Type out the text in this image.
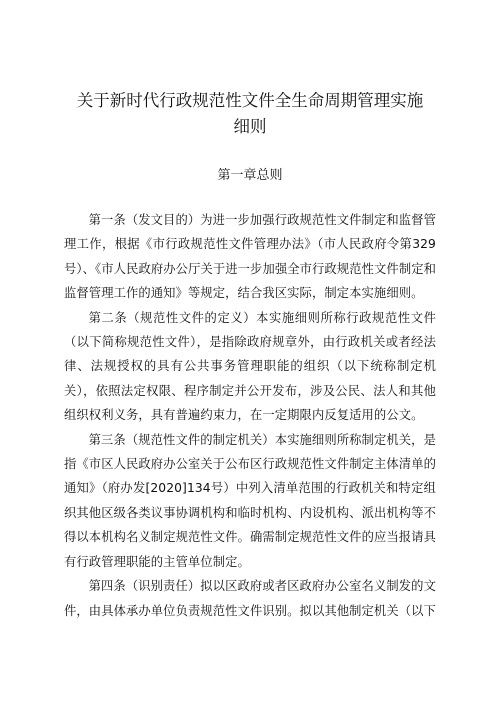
关于新时代行政规范性文件全生命周期管理实施细则
第一章总则

第一条（发文目的）为进一步加强行政规范性文件制定和监督管理工作，根据《市行政规范性文件管理办法》（市人民政府令第329号）、《市人民政府办公厅关于进一步加强全市行政规范性文件制定和监督管理工作的通知》等规定，结合我区实际，制定本实施细则。

第二条（规范性文件的定义）本实施细则所称行政规范性文件（以下简称规范性文件），是指除政府规章外，由行政机关或者经法律、法规授权的具有公共事务管理职能的组织（以下统称制定机关），依照法定权限、程序制定并公开发布，涉及公民、法人和其他组织权利义务，具有普遍约束力，在一定期限内反复适用的公文。

第三条（规范性文件的制定机关）本实施细则所称制定机关，是指《市区人民政府办公室关于公布区行政规范性文件制定主体清单的通知》（府办发[2020]134号）中列入清单范围的行政机关和特定组织其他区级各类议事协调机构和临时机构、内设机构、派出机构等不得以本机构名义制定规范性文件。确需制定规范性文件的应当报请具有行政管理职能的主管单位制定。

第四条（识别责任）拟以区政府或者区政府办公室名义制发的文件，由具体承办单位负责规范性文件识别。拟以其他制定机关（以下
